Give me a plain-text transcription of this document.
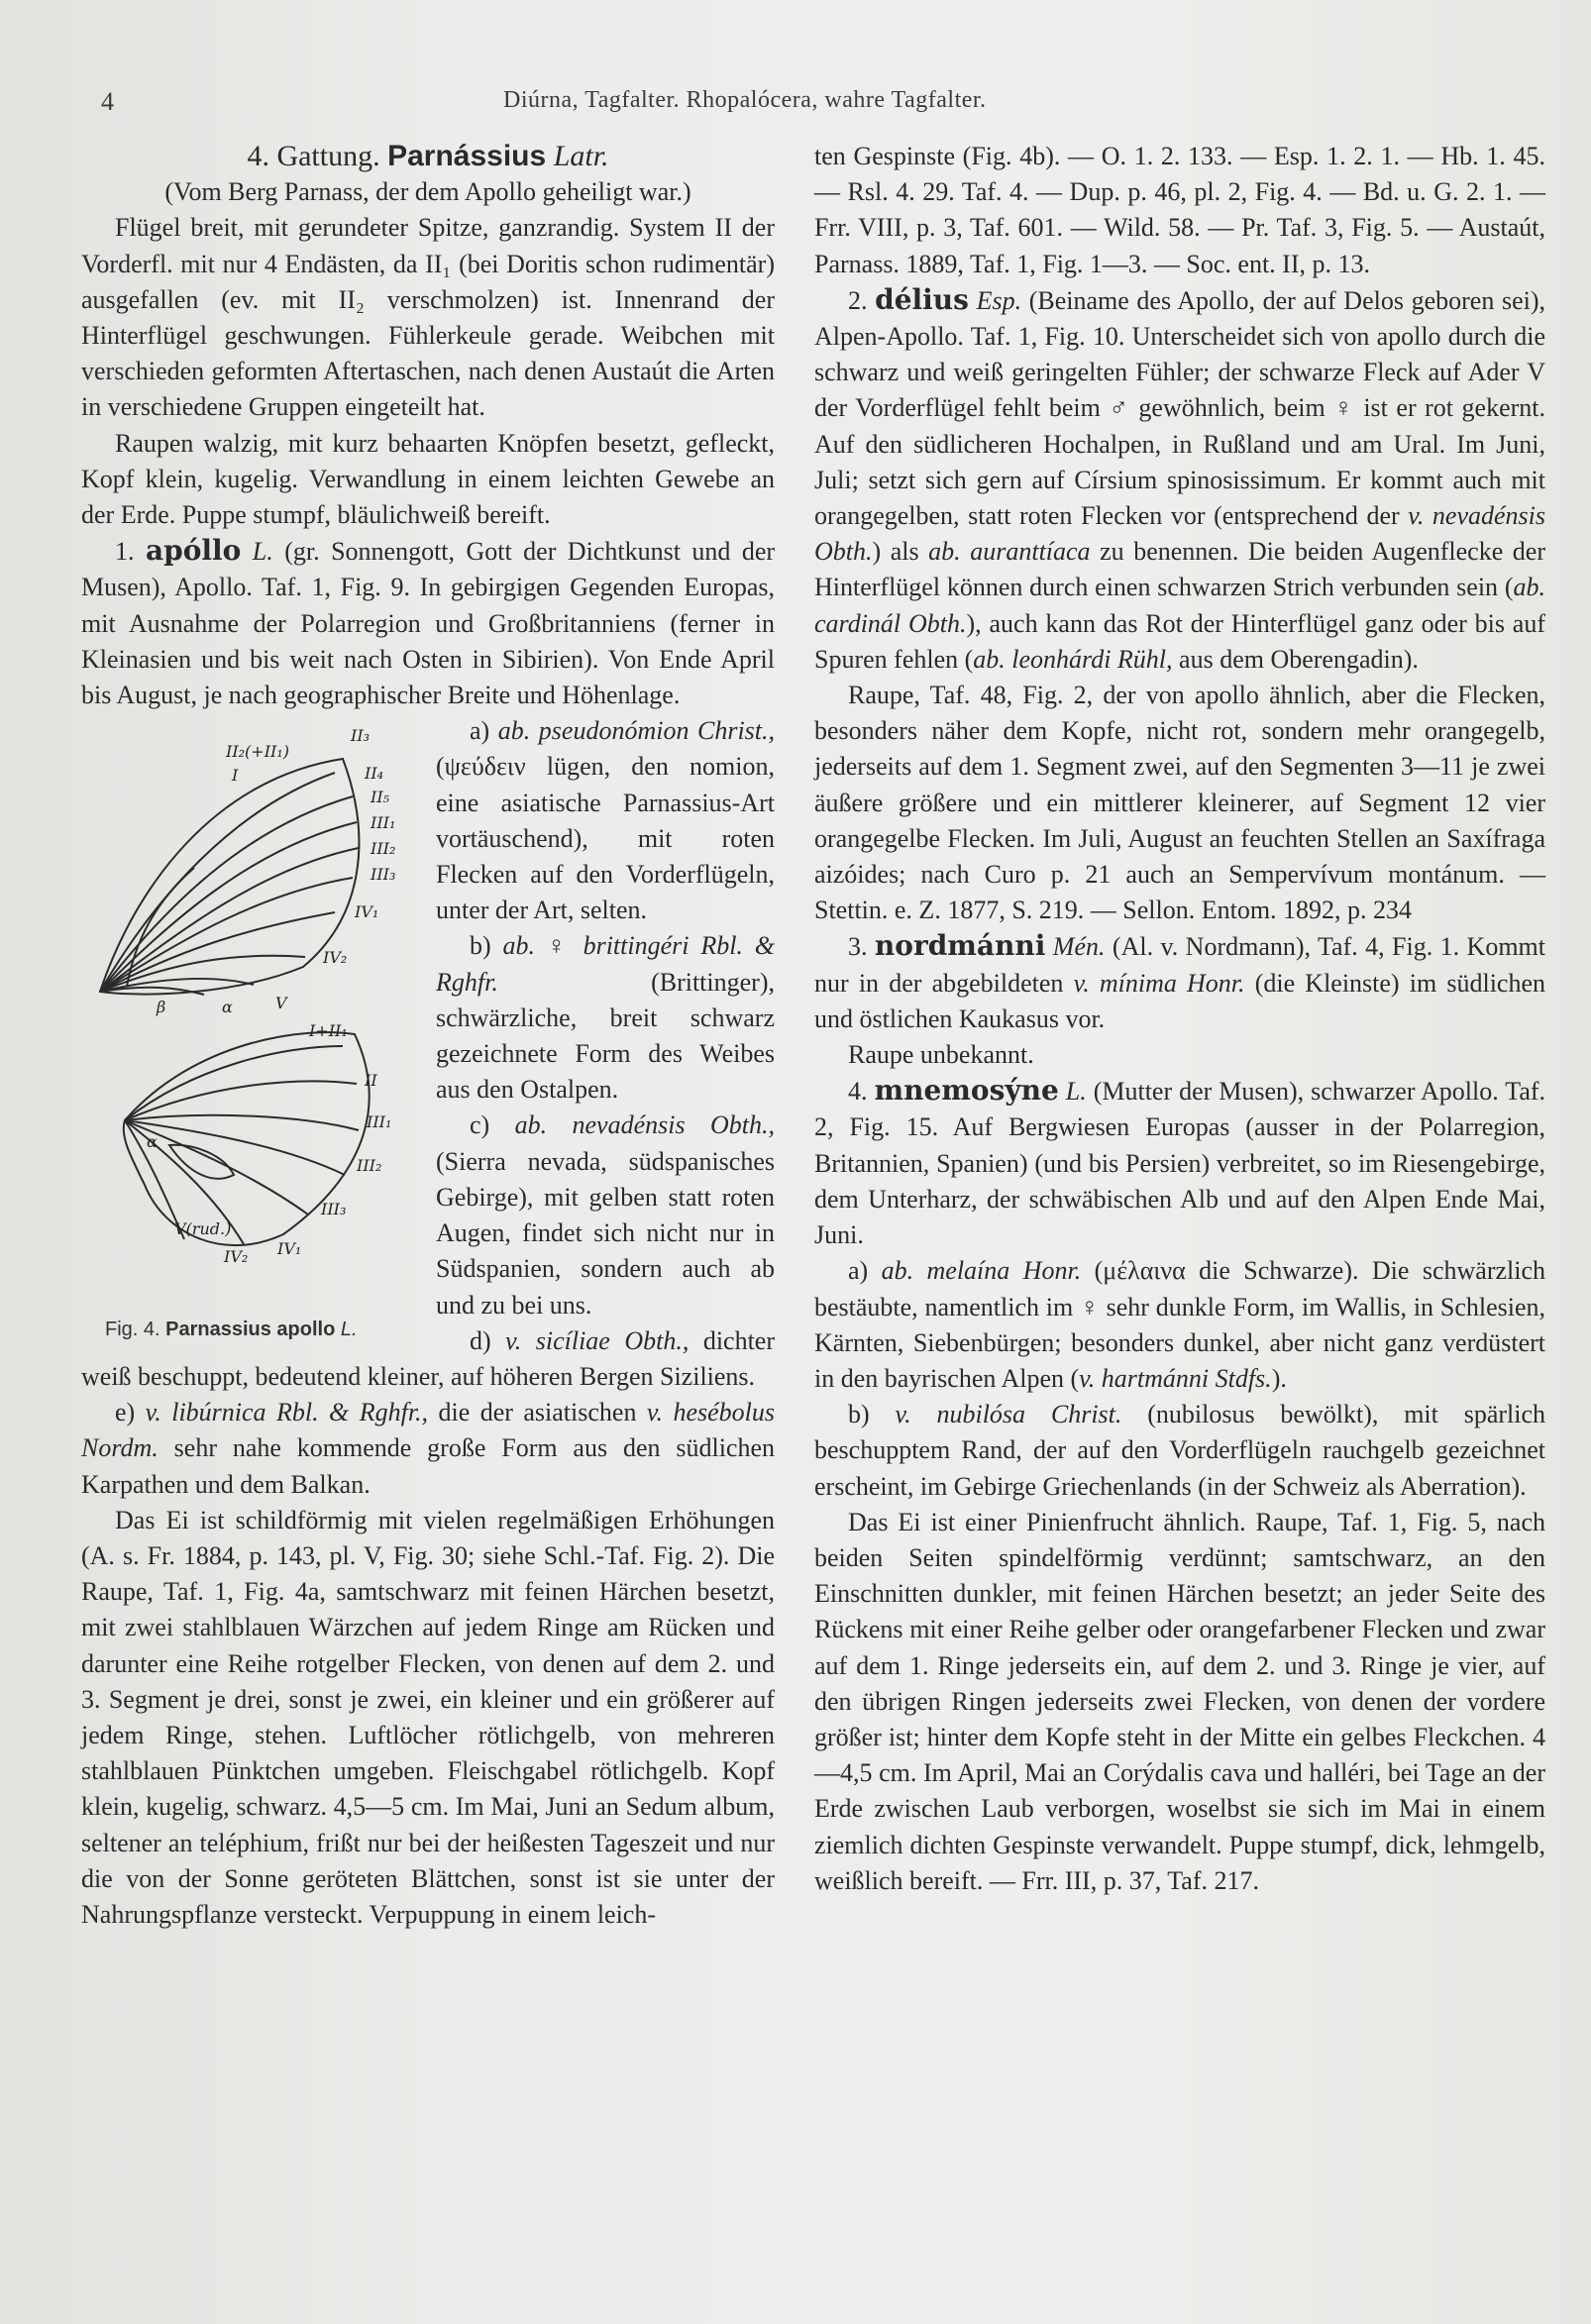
4	Diúrna, Tagfalter. Rhopalócera, wahre Tagfalter.

4. Gattung. Parnássius Latr.

(Vom Berg Parnass, der dem Apollo geheiligt war.)

Flügel breit, mit gerundeter Spitze, ganzrandig. System II der Vorderfl. mit nur 4 Endästen, da II₁ (bei Doritis schon rudimentär) ausgefallen (ev. mit II₂ verschmolzen) ist. Innenrand der Hinterflügel geschwungen. Fühlerkeule gerade. Weibchen mit verschieden geformten Aftertaschen, nach denen Austaút die Arten in verschiedene Gruppen eingeteilt hat.

Raupen walzig, mit kurz behaarten Knöpfen besetzt, gefleckt, Kopf klein, kugelig. Verwandlung in einem leichten Gewebe an der Erde. Puppe stumpf, bläulichweiß bereift.

1. apóllo L. (gr. Sonnengott, Gott der Dichtkunst und der Musen), Apollo. Taf. 1, Fig. 9. In gebirgigen Gegenden Europas, mit Ausnahme der Polarregion und Großbritanniens (ferner in Kleinasien und bis weit nach Osten in Sibirien). Von Ende April bis August, je nach geographischer Breite und Höhenlage.

II₃
II₂(+II₁)
I	II₄
II₅
III₁
III₂
III₃
IV₁
IV₂
β	α	V
I+II₁
II
III₁
III₂
III₃
α
V(rud.)
IV₂ IV₁
Fig. 4. Parnassius apollo L.

a) ab. pseudonómion Christ., (ψεύδειν lügen, den nomion, eine asiatische Parnassius-Art vortäuschend), mit roten Flecken auf den Vorderflügeln, unter der Art, selten.

b) ab. ♀ brittingéri Rbl. & Rghfr.	(Brittinger), schwärzliche, breit schwarz gezeichnete Form des Weibes aus den Ostalpen.

c) ab. nevadénsis Obth., (Sierra nevada, südspanisches Gebirge), mit gelben statt roten Augen, findet sich nicht nur in Südspanien, sondern auch ab und zu bei uns.

d) v. sicíliae Obth., dichter weiß beschuppt, bedeutend kleiner, auf höheren Bergen Siziliens.

e) v. libúrnica Rbl. & Rghfr., die der asiatischen v. hesébolus Nordm. sehr nahe kommende große Form aus den südlichen Karpathen und dem Balkan.

Das Ei ist schildförmig mit vielen regelmäßigen Erhöhungen (A. s. Fr. 1884, p. 143, pl. V, Fig. 30; siehe Schl.-Taf. Fig. 2). Die Raupe, Taf. 1, Fig. 4a, samtschwarz mit feinen Härchen besetzt, mit zwei stahlblauen Wärzchen auf jedem Ringe am Rücken und darunter eine Reihe rotgelber Flecken, von denen auf dem 2. und 3. Segment je drei, sonst je zwei, ein kleiner und ein größerer auf jedem Ringe, stehen. Luftlöcher rötlichgelb, von mehreren stahlblauen Pünktchen umgeben. Fleischgabel rötlichgelb. Kopf klein, kugelig, schwarz. 4,5—5 cm. Im Mai, Juni an Sedum album, seltener an teléphium, frißt nur bei der heißesten Tageszeit und nur die von der Sonne geröteten Blättchen, sonst ist sie unter der Nahrungspflanze versteckt. Verpuppung in einem leich-

ten Gespinste (Fig. 4b). — O. 1. 2. 133. — Esp. 1. 2. 1. — Hb. 1. 45. — Rsl. 4. 29. Taf. 4. — Dup. p. 46, pl. 2, Fig. 4. — Bd. u. G. 2. 1. — Frr. VIII, p. 3, Taf. 601. — Wild. 58. — Pr. Taf. 3, Fig. 5. — Austaút, Parnass. 1889, Taf. 1, Fig. 1—3. — Soc. ent. II, p. 13.

2. délius Esp. (Beiname des Apollo, der auf Delos geboren sei), Alpen-Apollo. Taf. 1, Fig. 10. Unterscheidet sich von apollo durch die schwarz und weiß geringelten Fühler; der schwarze Fleck auf Ader V der Vorderflügel fehlt beim ♂ gewöhnlich, beim ♀ ist er rot gekernt. Auf den südlicheren Hochalpen, in Rußland und am Ural. Im Juni, Juli; setzt sich gern auf Círsium spinosissimum. Er kommt auch mit orangegelben, statt roten Flecken vor (entsprechend der v. nevadénsis Obth.) als ab. auranttíaca zu benennen. Die beiden Augenflecke der Hinterflügel können durch einen schwarzen Strich verbunden sein (ab. cardinál Obth.), auch kann das Rot der Hinterflügel ganz oder bis auf Spuren fehlen (ab. leonhárdi Rühl, aus dem Oberengadin).

Raupe, Taf. 48, Fig. 2, der von apollo ähnlich, aber die Flecken, besonders näher dem Kopfe, nicht rot, sondern mehr orangegelb, jederseits auf dem 1. Segment zwei, auf den Segmenten 3—11 je zwei äußere größere und ein mittlerer kleinerer, auf Segment 12 vier orangegelbe Flecken. Im Juli, August an feuchten Stellen an Saxífraga aizóides; nach Curo p. 21 auch an Sempervívum montánum. — Stettin. e. Z. 1877, S. 219. — Sellon. Entom. 1892, p. 234

3. nordmánni Mén. (Al. v. Nordmann), Taf. 4, Fig. 1. Kommt nur in der abgebildeten v. mínima Honr. (die Kleinste) im südlichen und östlichen Kaukasus vor.

Raupe unbekannt.

4. mnemosýne L. (Mutter der Musen), schwarzer Apollo. Taf. 2, Fig. 15. Auf Bergwiesen Europas (ausser in der Polarregion, Britannien, Spanien) (und bis Persien) verbreitet, so im Riesengebirge, dem Unterharz, der schwäbischen Alb und auf den Alpen Ende Mai, Juni.

a) ab. melaína Honr. (μέλαινα die Schwarze). Die schwärzlich bestäubte, namentlich im ♀ sehr dunkle Form, im Wallis, in Schlesien, Kärnten, Siebenbürgen; besonders dunkel, aber nicht ganz verdüstert in den bayrischen Alpen (v. hartmánni Stdfs.).

b) v. nubilósa Christ. (nubilosus bewölkt), mit spärlich beschupptem Rand, der auf den Vorderflügeln rauchgelb gezeichnet erscheint, im Gebirge Griechenlands (in der Schweiz als Aberration).

Das Ei ist einer Pinienfrucht ähnlich. Raupe, Taf. 1, Fig. 5, nach beiden Seiten spindelförmig verdünnt; samtschwarz, an den Einschnitten dunkler, mit feinen Härchen besetzt; an jeder Seite des Rückens mit einer Reihe gelber oder orangefarbener Flecken und zwar auf dem 1. Ringe jederseits ein, auf dem 2. und 3. Ringe je vier, auf den übrigen Ringen jederseits zwei Flecken, von denen der vordere größer ist; hinter dem Kopfe steht in der Mitte ein gelbes Fleckchen. 4—4,5 cm. Im April, Mai an Corýdalis cava und halléri, bei Tage an der Erde zwischen Laub verborgen, woselbst sie sich im Mai in einem ziemlich dichten Gespinste verwandelt. Puppe stumpf, dick, lehmgelb, weißlich bereift. — Frr. III, p. 37, Taf. 217.
